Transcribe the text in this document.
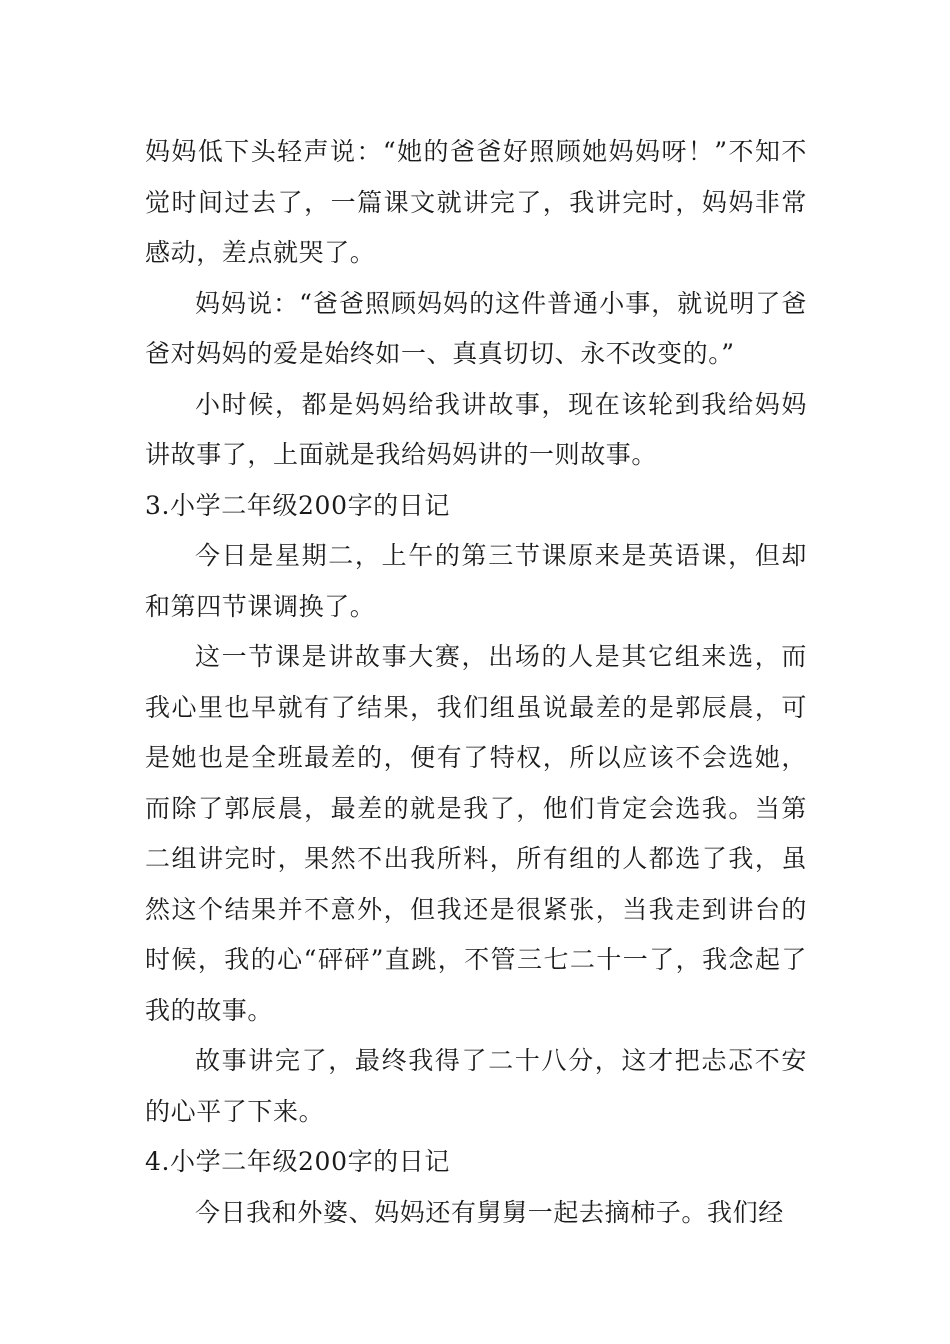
妈妈低下头轻声说：“她的爸爸好照顾她妈妈呀！”不知不觉时间过去了，一篇课文就讲完了，我讲完时，妈妈非常感动，差点就哭了。

妈妈说：“爸爸照顾妈妈的这件普通小事，就说明了爸爸对妈妈的爱是始终如一、真真切切、永不改变的。”

小时候，都是妈妈给我讲故事，现在该轮到我给妈妈讲故事了，上面就是我给妈妈讲的一则故事。

3.小学二年级200字的日记

今日是星期二，上午的第三节课原来是英语课，但却和第四节课调换了。

这一节课是讲故事大赛，出场的人是其它组来选，而我心里也早就有了结果，我们组虽说最差的是郭辰晨，可是她也是全班最差的，便有了特权，所以应该不会选她，而除了郭辰晨，最差的就是我了，他们肯定会选我。当第二组讲完时，果然不出我所料，所有组的人都选了我，虽然这个结果并不意外，但我还是很紧张，当我走到讲台的时候，我的心“砰砰”直跳，不管三七二十一了，我念起了我的故事。

故事讲完了，最终我得了二十八分，这才把忐忑不安的心平了下来。

4.小学二年级200字的日记

今日我和外婆、妈妈还有舅舅一起去摘柿子。我们经
